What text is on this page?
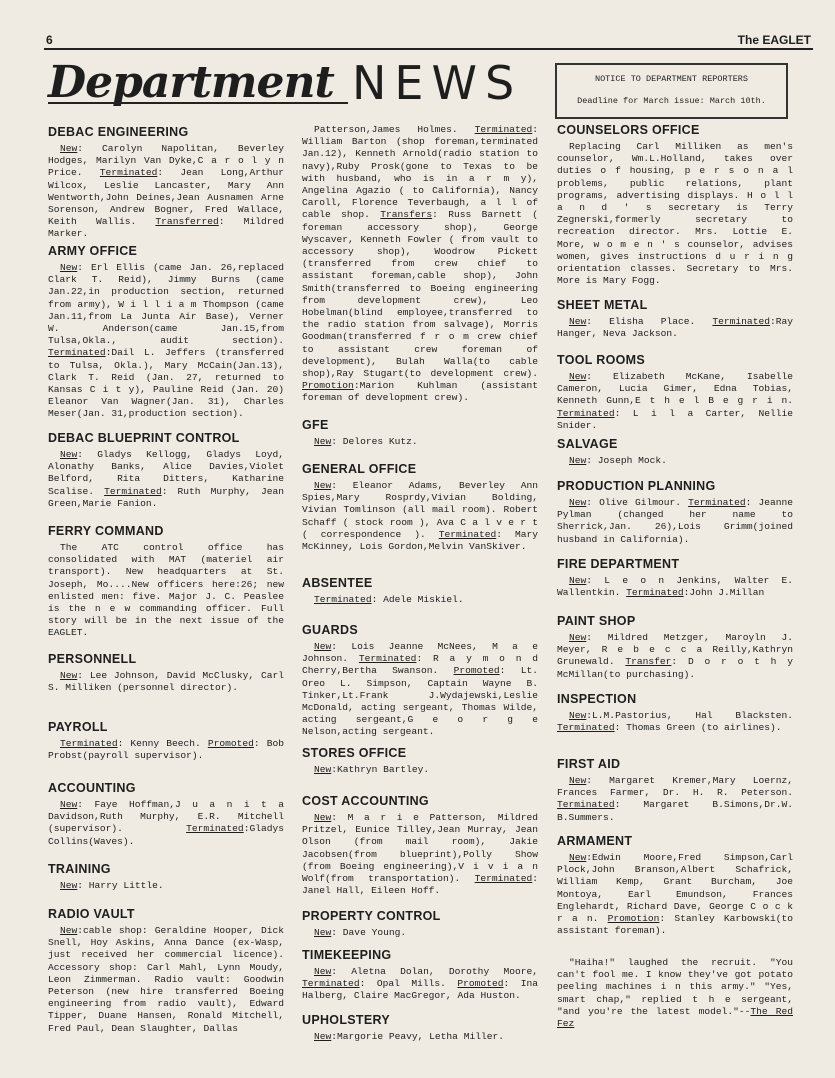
6	The EAGLET
Department NEWS	NOTICE TO DEPARTMENT REPORTERS
Deadline for March issue: March 10th.
DEBAC ENGINEERING

New: Carolyn Napolitan, Beverley Hodges, Marilyn Van Dyke,C a r o l y n Price. Terminated: Jean Long,Arthur Wilcox, Leslie Lancaster, Mary Ann Wentworth,John Deines,Jean Ausnamen Arne Sorenson, Andrew Bogner, Fred Wallace, Keith Wallis. Transferred: Mildred Marker.

ARMY OFFICE

New: Erl Ellis (came Jan. 26,replaced Clark T. Reid), Jimmy Burns (came Jan.22,in production section, returned from army), W i l l i a m Thompson (came Jan.11,from La Junta Air Base), Verner W. Anderson(came Jan.15,from Tulsa,Okla., audit section). Terminated:Dail L. Jeffers (transferred to Tulsa, Okla.), Mary McCain(Jan.13), Clark T. Reid (Jan. 27, returned to Kansas C i t y), Pauline Reid (Jan. 20) Eleanor Van Wagner(Jan. 31), Charles Meser(Jan. 31,production section).

DEBAC BLUEPRINT CONTROL

New: Gladys Kellogg, Gladys Loyd, Alonathy Banks, Alice Davies,Violet Belford, Rita Ditters, Katharine Scalise. Terminated: Ruth Murphy, Jean Green,Marie Fanion.

FERRY COMMAND

The ATC control office has consolidated with MAT (materiel air transport). New headquarters at St. Joseph, Mo....New officers here:26; new enlisted men: five. Major J. C. Peaslee is the n e w commanding officer. Full story will be in the next issue of the EAGLET.

PERSONNELL

New: Lee Johnson, David McClusky, Carl S. Milliken (personnel director).

PAYROLL

Terminated: Kenny Beech. Promoted: Bob Probst(payroll supervisor).

ACCOUNTING

New: Faye Hoffman,J u a n i t a Davidson,Ruth Murphy, E.R. Mitchell (supervisor). Terminated:Gladys Collins(Waves).

TRAINING

New: Harry Little.

RADIO VAULT

New:cable shop: Geraldine Hooper, Dick Snell, Hoy Askins, Anna Dance (ex-Wasp, just received her commercial licence). Accessory shop: Carl Mahl, Lynn Moudy, Leon Zimmerman. Radio vault: Goodwin Peterson (new hire transferred Boeing engineering from radio vault), Edward Tipper, Duane Hansen, Ronald Mitchell, Fred Paul, Dean Slaughter, Dallas

Patterson,James Holmes. Terminated: William Barton (shop foreman,terminated Jan.12), Kenneth Arnold(radio station to navy),Ruby Prosk(gone to Texas to be with husband, who is in a r m y), Angelina Agazio ( to California), Nancy Caroll, Florence Teverbaugh, a l l of cable shop. Transfers: Russ Barnett ( foreman accessory shop), George Wyscaver, Kenneth Fowler ( from vault to accessory shop), Woodrow Pickett (transferred from crew chief to assistant foreman,cable shop), John Smith(transferred to Boeing engineering from development crew), Leo Hobelman(blind employee,transferred to the radio station from salvage), Morris Goodman(transferred f r o m crew chief to assistant crew foreman of development), Bulah Walla(to cable shop),Ray Stugart(to development crew). Promotion:Marion Kuhlman (assistant foreman of development crew).

GFE

New: Delores Kutz.

GENERAL OFFICE

New: Eleanor Adams, Beverley Ann Spies,Mary Rosprdy,Vivian Bolding, Vivian Tomlinson (all mail room). Robert Schaff ( stock room ), Ava C a l v e r t ( correspondence ). Terminated: Mary McKinney, Lois Gordon,Melvin VanSkiver.

ABSENTEE

Terminated: Adele Miskiel.

GUARDS

New: Lois Jeanne McNees, M a e Johnson. Terminated: R a y m o n d Cherry,Bertha Swanson. Promoted: Lt. Oreo L. Simpson, Captain Wayne B. Tinker,Lt.Frank J.Wydajewski,Leslie McDonald, acting sergeant, Thomas Wilde, acting sergeant,G e o r g e Nelson,acting sergeant.

STORES OFFICE

New:Kathryn Bartley.

COST ACCOUNTING

New: M a r i e Patterson, Mildred Pritzel, Eunice Tilley,Jean Murray, Jean Olson (from mail room), Jakie Jacobsen(from blueprint),Polly Show (from Boeing engineering),V i v i a n Wolf(from transportation). Terminated: Janel Hall, Eileen Hoff.

PROPERTY CONTROL

New: Dave Young.

TIMEKEEPING

New: Aletna Dolan, Dorothy Moore, Terminated: Opal Mills. Promoted: Ina Halberg, Claire MacGregor, Ada Huston.

UPHOLSTERY

New:Margorie Peavy, Letha Miller.

COUNSELORS OFFICE

Replacing Carl Milliken as men's counselor, Wm.L.Holland, takes over duties o f housing, p e r s o n a l problems, public relations, plant programs, advertising displays. H o l l a n d ' s secretary is Terry Zegnerski,formerly secretary to recreation director. Mrs. Lottie E. More, w o m e n ' s counselor, advises women, gives instructions d u r i n g orientation classes. Secretary to Mrs. More is Mary Fogg.

SHEET METAL

New: Elisha Place. Terminated:Ray Hanger, Neva Jackson.

TOOL ROOMS

New: Elizabeth McKane, Isabelle Cameron, Lucia Gimer, Edna Tobias, Kenneth Gunn,E t h e l B e g r i n. Terminated: L i l a Carter, Nellie Snider.

SALVAGE

New: Joseph Mock.

PRODUCTION PLANNING

New: Olive Gilmour. Terminated: Jeanne Pylman (changed her name to Sherrick,Jan. 26),Lois Grimm(joined husband in California).

FIRE DEPARTMENT

New: L e o n Jenkins, Walter E. Wallentkin. Terminated:John J.Millan

PAINT SHOP

New: Mildred Metzger, Maroyln J. Meyer, R e b e c c a Reilly,Kathryn Grunewald. Transfer: D o r o t h y McMillan(to purchasing).

INSPECTION

New:L.M.Pastorius, Hal Blacksten. Terminated: Thomas Green (to airlines).

FIRST AID

New: Margaret Kremer,Mary Loernz, Frances Farmer, Dr. H. R. Peterson. Terminated: Margaret B.Simons,Dr.W. B.Summers.

ARMAMENT

New:Edwin Moore,Fred Simpson,Carl Plock,John Branson,Albert Schafrick, William Kemp, Grant Burcham, Joe Montoya, Earl Emundson, Frances Englehardt, Richard Dave, George C o c k r a n. Promotion: Stanley Karbowski(to assistant foreman).

"Haiha!" laughed the recruit. "You can't fool me. I know they've got potato peeling machines i n this army." "Yes, smart chap," replied t h e sergeant, "and you're the latest model."--The Red Fez
